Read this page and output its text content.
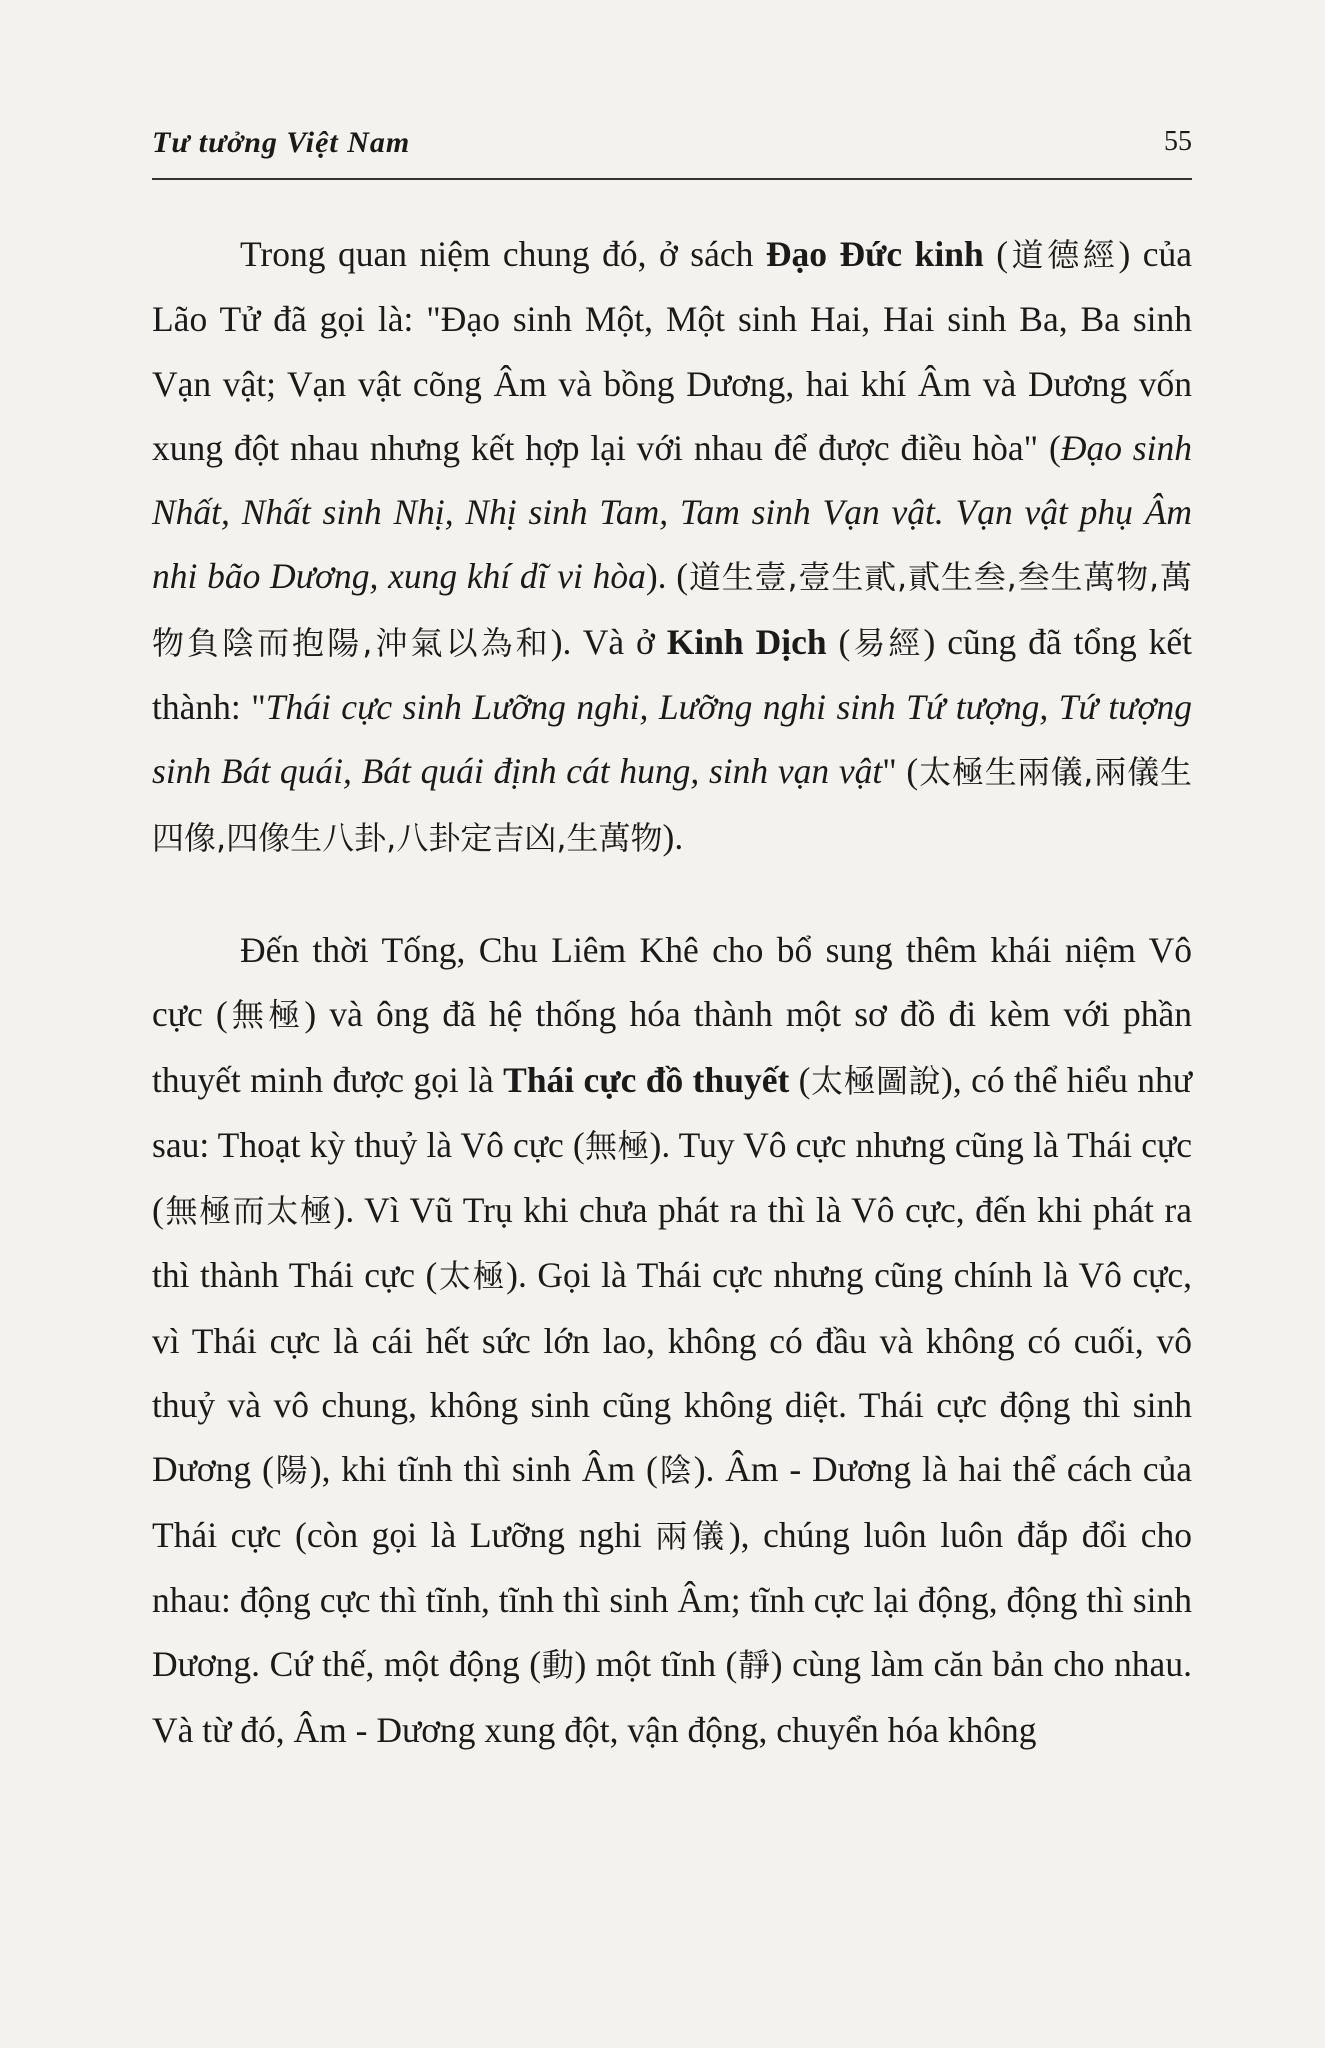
Tư tưởng Việt Nam	55

Trong quan niệm chung đó, ở sách Đạo Đức kinh (道德經) của Lão Tử đã gọi là: "Đạo sinh Một, Một sinh Hai, Hai sinh Ba, Ba sinh Vạn vật; Vạn vật cõng Âm và bồng Dương, hai khí Âm và Dương vốn xung đột nhau nhưng kết hợp lại với nhau để được điều hòa" (Đạo sinh Nhất, Nhất sinh Nhị, Nhị sinh Tam, Tam sinh Vạn vật. Vạn vật phụ Âm nhi bão Dương, xung khí dĩ vi hòa). (道生壹,壹生貳,貳生叁,叁生萬物,萬物負陰而抱陽,沖氣以為和). Và ở Kinh Dịch (易經) cũng đã tổng kết thành: "Thái cực sinh Lưỡng nghi, Lưỡng nghi sinh Tứ tượng, Tứ tượng sinh Bát quái, Bát quái định cát hung, sinh vạn vật" (太極生兩儀,兩儀生四像,四像生八卦,八卦定吉凶,生萬物).

Đến thời Tống, Chu Liêm Khê cho bổ sung thêm khái niệm Vô cực (無極) và ông đã hệ thống hóa thành một sơ đồ đi kèm với phần thuyết minh được gọi là Thái cực đồ thuyết (太極圖說), có thể hiểu như sau: Thoạt kỳ thuỷ là Vô cực (無極). Tuy Vô cực nhưng cũng là Thái cực (無極而太極). Vì Vũ Trụ khi chưa phát ra thì là Vô cực, đến khi phát ra thì thành Thái cực (太極). Gọi là Thái cực nhưng cũng chính là Vô cực, vì Thái cực là cái hết sức lớn lao, không có đầu và không có cuối, vô thuỷ và vô chung, không sinh cũng không diệt. Thái cực động thì sinh Dương (陽), khi tĩnh thì sinh Âm (陰). Âm - Dương là hai thể cách của Thái cực (còn gọi là Lưỡng nghi 兩儀), chúng luôn luôn đắp đổi cho nhau: động cực thì tĩnh, tĩnh thì sinh Âm; tĩnh cực lại động, động thì sinh Dương. Cứ thế, một động (動) một tĩnh (靜) cùng làm căn bản cho nhau. Và từ đó, Âm - Dương xung đột, vận động, chuyển hóa không
